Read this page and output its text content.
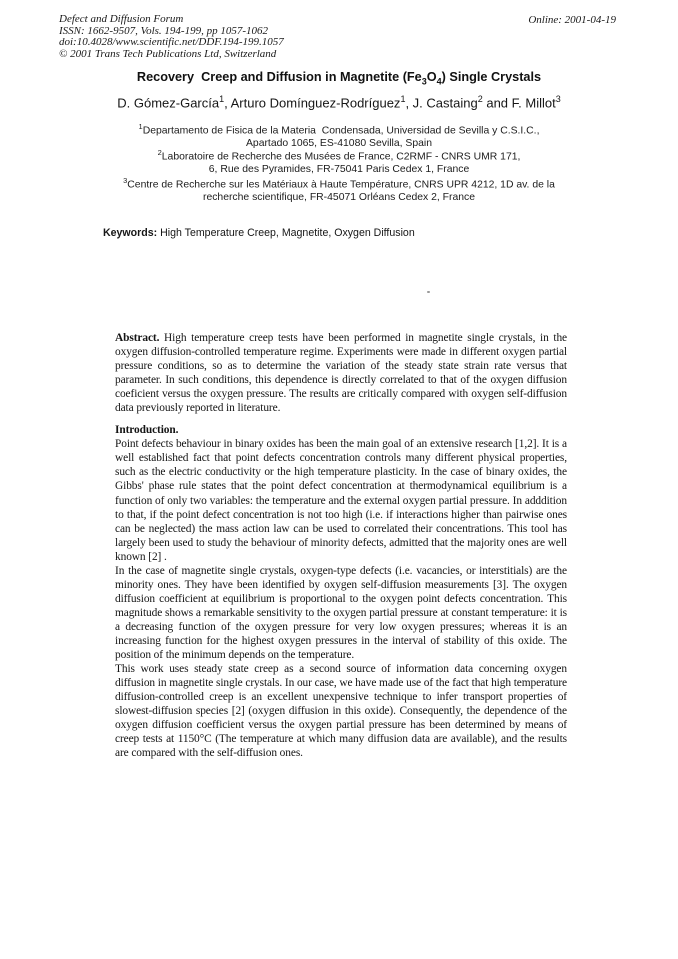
Defect and Diffusion Forum
ISSN: 1662-9507, Vols. 194-199, pp 1057-1062
doi:10.4028/www.scientific.net/DDF.194-199.1057
© 2001 Trans Tech Publications Ltd, Switzerland
Online: 2001-04-19
Recovery  Creep and Diffusion in Magnetite $(Fe_3O_4)$ Single Crystals
D. Gómez-García$^1$, Arturo Domínguez-Rodríguez$^1$, J. Castaing$^2$ and F. Millot$^3$
$^1$Departamento de Fisica de la Materia  Condensada, Universidad de Sevilla y C.S.I.C.,
Apartado 1065, ES-41080 Sevilla, Spain
$^2$Laboratoire de Recherche des Musées de France, C2RMF - CNRS UMR 171,
6, Rue des Pyramides, FR-75041 Paris Cedex 1, France
$^3$Centre de Recherche sur les Matériaux à Haute Température, CNRS UPR 4212, 1D av. de la
recherche scientifique, FR-45071 Orléans Cedex 2, France
Keywords: High Temperature Creep, Magnetite, Oxygen Diffusion

Abstract. High temperature creep tests have been performed in magnetite single crystals, in the oxygen diffusion-controlled temperature regime. Experiments were made in different oxygen partial pressure conditions, so as to determine the variation of the steady state strain rate versus that parameter. In such conditions, this dependence is directly correlated to that of the oxygen diffusion coeficient versus the oxygen pressure. The results are critically compared with oxygen self-diffusion data previously reported in literature.

Introduction.
Point defects behaviour in binary oxides has been the main goal of an extensive research [1,2]. It is a well established fact that point defects concentration controls many different physical properties, such as the electric conductivity or the high temperature plasticity. In the case of binary oxides, the Gibbs' phase rule states that the point defect concentration at thermodynamical equilibrium is a function of only two variables: the temperature and the external oxygen partial pressure. In adddition to that, if the point defect concentration is not too high (i.e. if interactions higher than pairwise ones can be neglected) the mass action law can be used to correlated their concentrations. This tool has largely been used to study the behaviour of minority defects, admitted that the majority ones are well known [2] .
In the case of magnetite single crystals, oxygen-type defects (i.e. vacancies, or interstitials) are the minority ones. They have been identified by oxygen self-diffusion measurements [3]. The oxygen diffusion coefficient at equilibrium is proportional to the oxygen point defects concentration. This magnitude shows a remarkable sensitivity to the oxygen partial pressure at constant temperature: it is a decreasing function of the oxygen pressure for very low oxygen pressures; whereas it is an increasing function for the highest oxygen pressures in the interval of stability of this oxide. The position of the minimum depends on the temperature.
This work uses steady state creep as a second source of information data concerning oxygen diffusion in magnetite single crystals. In our case, we have made use of the fact that high temperature diffusion-controlled creep is an excellent unexpensive technique to infer transport properties of slowest-diffusion species [2] (oxygen diffusion in this oxide). Consequently, the dependence of the oxygen diffusion coefficient versus the oxygen partial pressure has been determined by means of creep tests at 1150°C (The temperature at which many diffusion data are available), and the results are compared with the self-diffusion ones.
